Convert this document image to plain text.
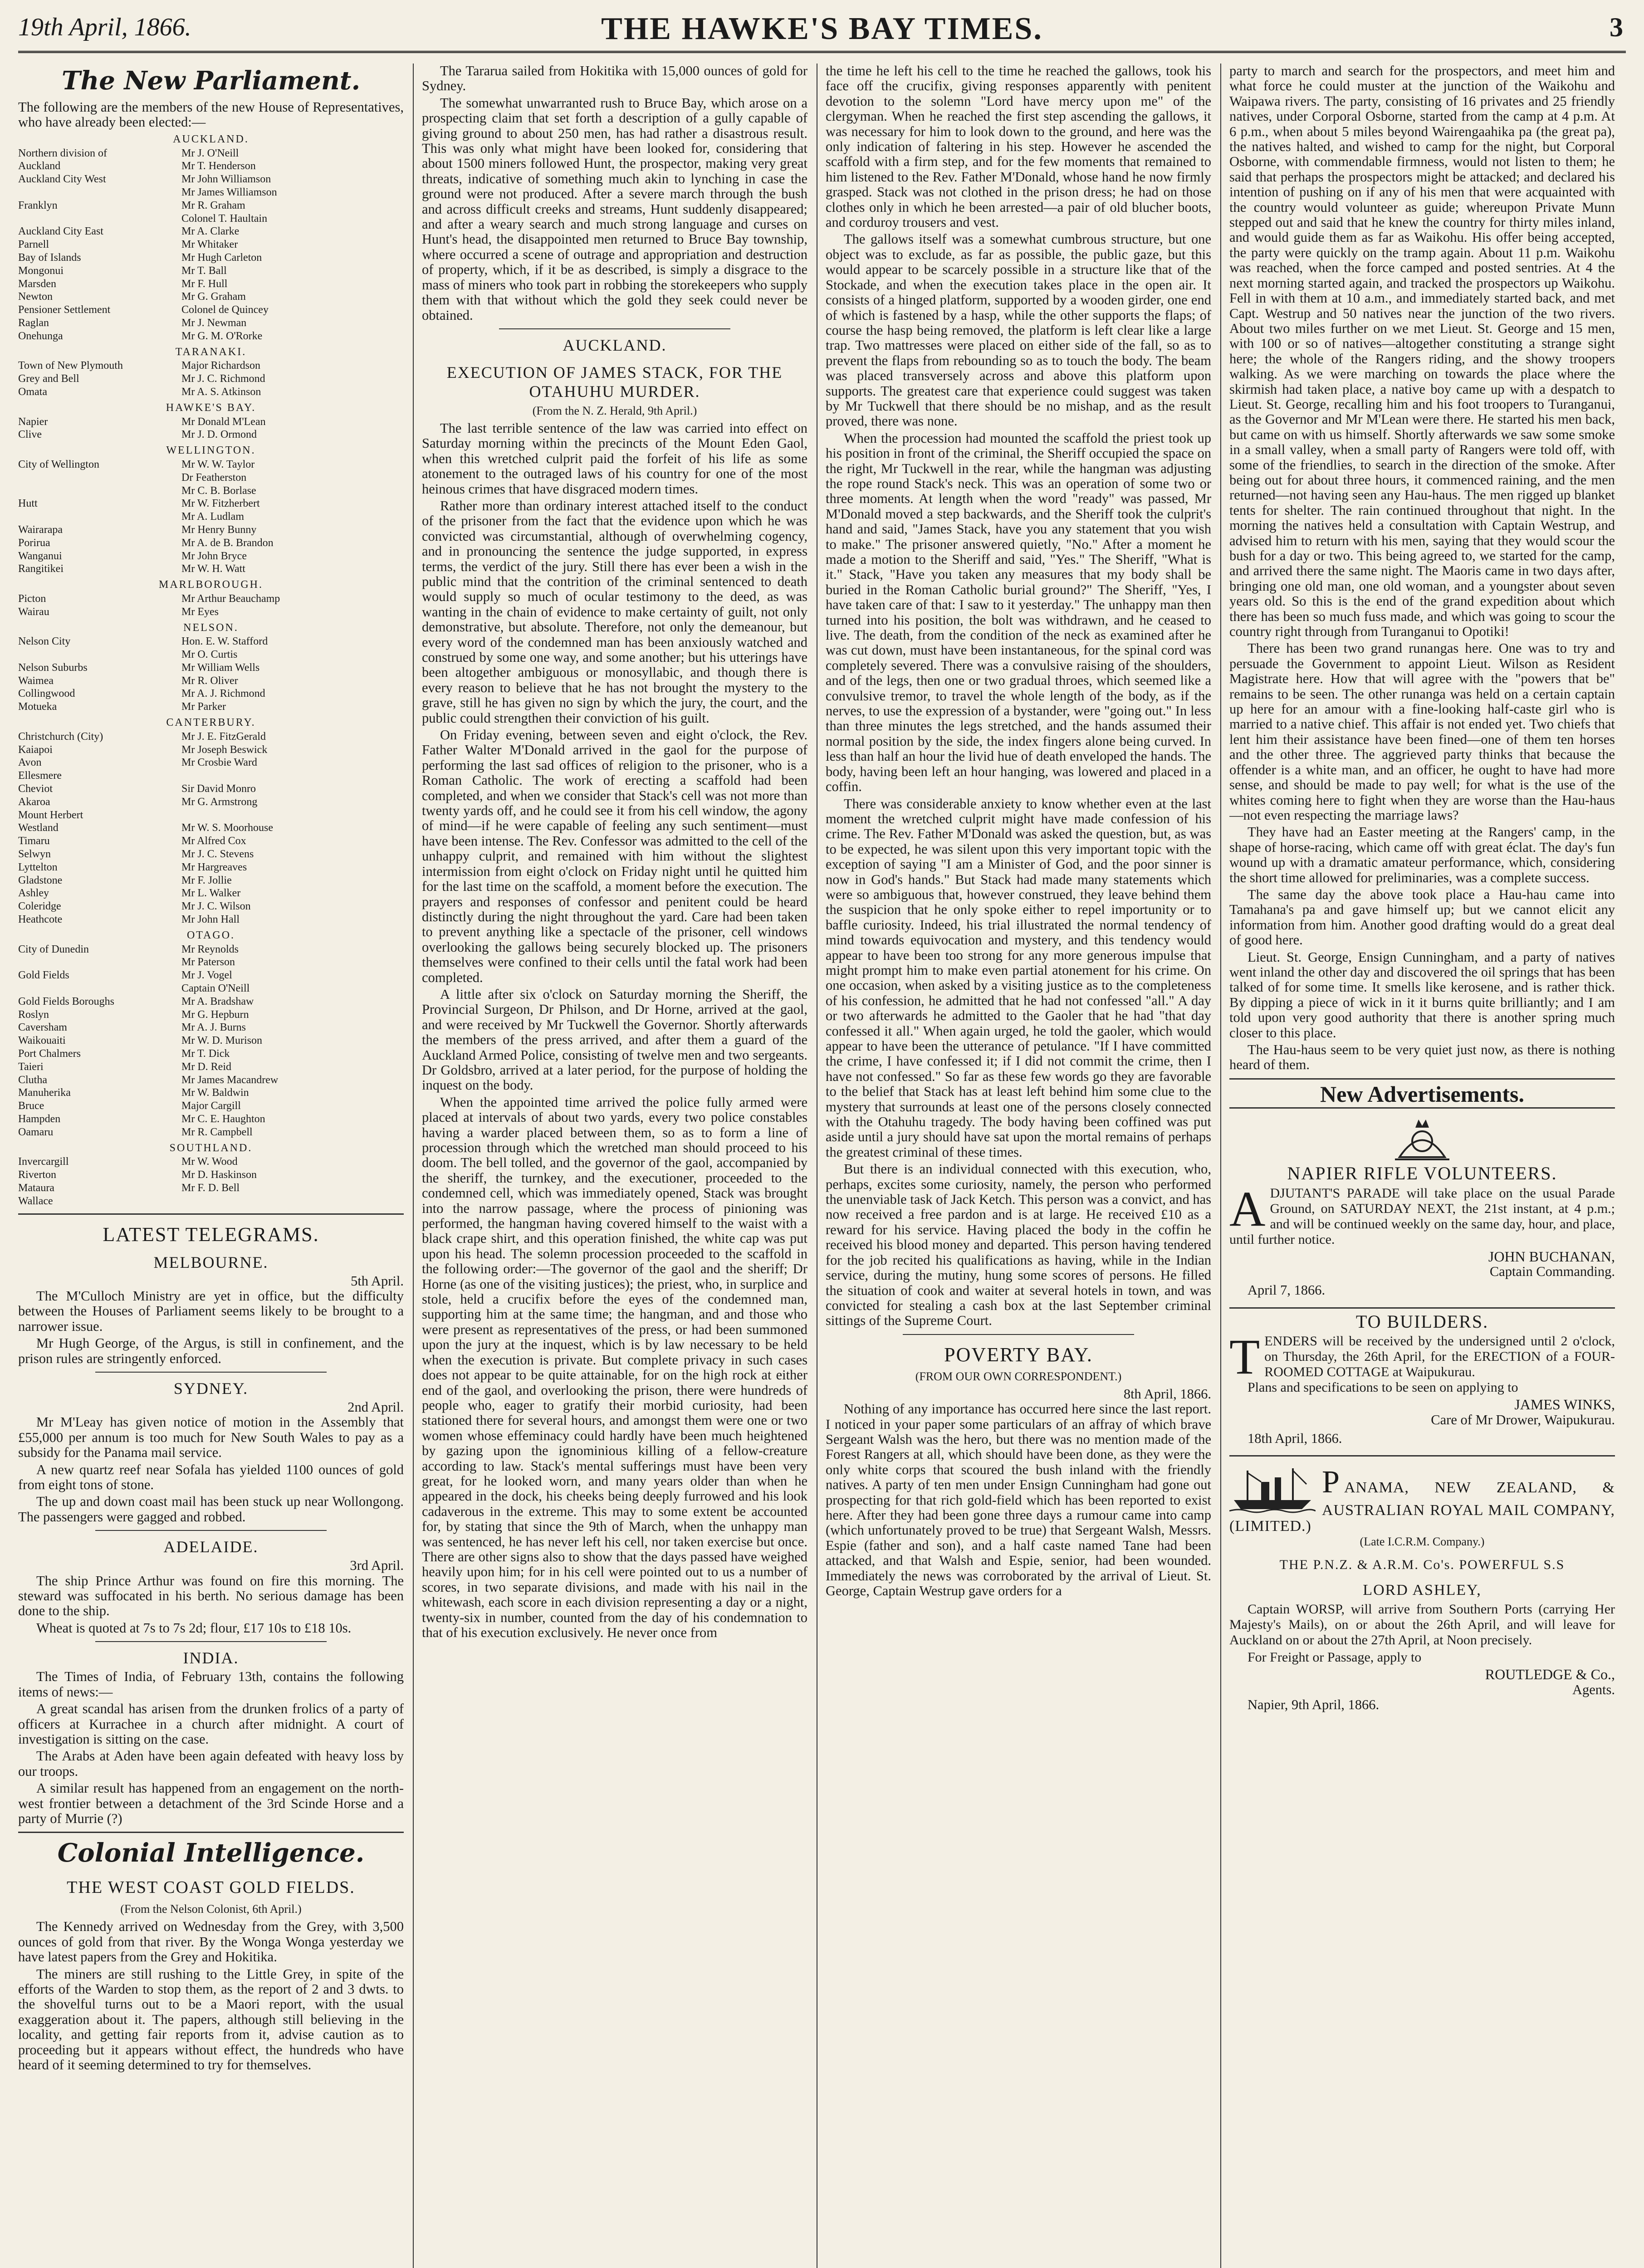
19th April, 1866.	THE HAWKE'S BAY TIMES.	3
The New Parliament.

The following are the members of the new House of Representatives, who have already been elected:—

AUCKLAND.
Northern division of	Mr J. O'Neill
Auckland	Mr T. Henderson
Auckland City West	Mr John Williamson
Mr James Williamson
Franklyn	Mr R. Graham
Colonel T. Haultain
Auckland City East	Mr A. Clarke
Parnell	Mr Whitaker
Bay of Islands	Mr Hugh Carleton
Mongonui	Mr T. Ball
Marsden	Mr F. Hull
Newton	Mr G. Graham
Pensioner Settlement	Colonel de Quincey
Raglan	Mr J. Newman
Onehunga	Mr G. M. O'Rorke
TARANAKI.
Town of New Plymouth	Major Richardson
Grey and Bell	Mr J. C. Richmond
Omata	Mr A. S. Atkinson
HAWKE'S BAY.
Napier	Mr Donald M'Lean
Clive	Mr J. D. Ormond
WELLINGTON.
City of Wellington	Mr W. W. Taylor
Dr Featherston
Mr C. B. Borlase
Hutt	Mr W. Fitzherbert
Mr A. Ludlam
Wairarapa	Mr Henry Bunny
Porirua	Mr A. de B. Brandon
Wanganui	Mr John Bryce
Rangitikei	Mr W. H. Watt
MARLBOROUGH.
Picton	Mr Arthur Beauchamp
Wairau	Mr Eyes
NELSON.
Nelson City	Hon. E. W. Stafford
Mr O. Curtis
Nelson Suburbs	Mr William Wells
Waimea	Mr R. Oliver
Collingwood	Mr A. J. Richmond
Motueka	Mr Parker
CANTERBURY.
Christchurch (City)	Mr J. E. FitzGerald
Kaiapoi	Mr Joseph Beswick
Avon	Mr Crosbie Ward
Ellesmere
Cheviot	Sir David Monro
Akaroa	Mr G. Armstrong
Mount Herbert
Westland	Mr W. S. Moorhouse
Timaru	Mr Alfred Cox
Selwyn	Mr J. C. Stevens
Lyttelton	Mr Hargreaves
Gladstone	Mr F. Jollie
Ashley	Mr L. Walker
Coleridge	Mr J. C. Wilson
Heathcote	Mr John Hall
OTAGO.
City of Dunedin	Mr Reynolds
Mr Paterson
Gold Fields	Mr J. Vogel
Captain O'Neill
Gold Fields Boroughs	Mr A. Bradshaw
Roslyn	Mr G. Hepburn
Caversham	Mr A. J. Burns
Waikouaiti	Mr W. D. Murison
Port Chalmers	Mr T. Dick
Taieri	Mr D. Reid
Clutha	Mr James Macandrew
Manuherika	Mr W. Baldwin
Bruce	Major Cargill
Hampden	Mr C. E. Haughton
Oamaru	Mr R. Campbell
SOUTHLAND.
Invercargill	Mr W. Wood
Riverton	Mr D. Haskinson
Mataura	Mr F. D. Bell
Wallace
LATEST TELEGRAMS.
MELBOURNE.

5th April.

The M'Culloch Ministry are yet in office, but the difficulty between the Houses of Parliament seems likely to be brought to a narrower issue.

Mr Hugh George, of the Argus, is still in confinement, and the prison rules are stringently enforced.

SYDNEY.

2nd April.

Mr M'Leay has given notice of motion in the Assembly that £55,000 per annum is too much for New South Wales to pay as a subsidy for the Panama mail service.

A new quartz reef near Sofala has yielded 1100 ounces of gold from eight tons of stone.

The up and down coast mail has been stuck up near Wollongong. The passengers were gagged and robbed.

ADELAIDE.

3rd April.

The ship Prince Arthur was found on fire this morning. The steward was suffocated in his berth. No serious damage has been done to the ship.

Wheat is quoted at 7s to 7s 2d; flour, £17 10s to £18 10s.

INDIA.

The Times of India, of February 13th, contains the following items of news:—

A great scandal has arisen from the drunken frolics of a party of officers at Kurrachee in a church after midnight. A court of investigation is sitting on the case.

The Arabs at Aden have been again defeated with heavy loss by our troops.

A similar result has happened from an engagement on the north-west frontier between a detachment of the 3rd Scinde Horse and a party of Murrie (?)

Colonial Intelligence.
THE WEST COAST GOLD FIELDS.
(From the Nelson Colonist, 6th April.)

The Kennedy arrived on Wednesday from the Grey, with 3,500 ounces of gold from that river. By the Wonga Wonga yesterday we have latest papers from the Grey and Hokitika.

The miners are still rushing to the Little Grey, in spite of the efforts of the Warden to stop them, as the report of 2 and 3 dwts. to the shovelful turns out to be a Maori report, with the usual exaggeration about it. The papers, although still believing in the locality, and getting fair reports from it, advise caution as to proceeding but it appears without effect, the hundreds who have heard of it seeming determined to try for themselves.

The Tararua sailed from Hokitika with 15,000 ounces of gold for Sydney.

The somewhat unwarranted rush to Bruce Bay, which arose on a prospecting claim that set forth a description of a gully capable of giving ground to about 250 men, has had rather a disastrous result. This was only what might have been looked for, considering that about 1500 miners followed Hunt, the prospector, making very great threats, indicative of something much akin to lynching in case the ground were not produced. After a severe march through the bush and across difficult creeks and streams, Hunt suddenly disappeared; and after a weary search and much strong language and curses on Hunt's head, the disappointed men returned to Bruce Bay township, where occurred a scene of outrage and appropriation and destruction of property, which, if it be as described, is simply a disgrace to the mass of miners who took part in robbing the storekeepers who supply them with that without which the gold they seek could never be obtained.

AUCKLAND.
EXECUTION OF JAMES STACK, FOR THE OTAHUHU MURDER.
(From the N. Z. Herald, 9th April.)

The last terrible sentence of the law was carried into effect on Saturday morning within the precincts of the Mount Eden Gaol, when this wretched culprit paid the forfeit of his life as some atonement to the outraged laws of his country for one of the most heinous crimes that have disgraced modern times.

Rather more than ordinary interest attached itself to the conduct of the prisoner from the fact that the evidence upon which he was convicted was circumstantial, although of overwhelming cogency, and in pronouncing the sentence the judge supported, in express terms, the verdict of the jury. Still there has ever been a wish in the public mind that the contrition of the criminal sentenced to death would supply so much of ocular testimony to the deed, as was wanting in the chain of evidence to make certainty of guilt, not only demonstrative, but absolute. Therefore, not only the demeanour, but every word of the condemned man has been anxiously watched and construed by some one way, and some another; but his utterings have been altogether ambiguous or monosyllabic, and though there is every reason to believe that he has not brought the mystery to the grave, still he has given no sign by which the jury, the court, and the public could strengthen their conviction of his guilt.

On Friday evening, between seven and eight o'clock, the Rev. Father Walter M'Donald arrived in the gaol for the purpose of performing the last sad offices of religion to the prisoner, who is a Roman Catholic. The work of erecting a scaffold had been completed, and when we consider that Stack's cell was not more than twenty yards off, and he could see it from his cell window, the agony of mind—if he were capable of feeling any such sentiment—must have been intense. The Rev. Confessor was admitted to the cell of the unhappy culprit, and remained with him without the slightest intermission from eight o'clock on Friday night until he quitted him for the last time on the scaffold, a moment before the execution. The prayers and responses of confessor and penitent could be heard distinctly during the night throughout the yard. Care had been taken to prevent anything like a spectacle of the prisoner, cell windows overlooking the gallows being securely blocked up. The prisoners themselves were confined to their cells until the fatal work had been completed.

A little after six o'clock on Saturday morning the Sheriff, the Provincial Surgeon, Dr Philson, and Dr Horne, arrived at the gaol, and were received by Mr Tuckwell the Governor. Shortly afterwards the members of the press arrived, and after them a guard of the Auckland Armed Police, consisting of twelve men and two sergeants. Dr Goldsbro, arrived at a later period, for the purpose of holding the inquest on the body.

When the appointed time arrived the police fully armed were placed at intervals of about two yards, every two police constables having a warder placed between them, so as to form a line of procession through which the wretched man should proceed to his doom. The bell tolled, and the governor of the gaol, accompanied by the sheriff, the turnkey, and the executioner, proceeded to the condemned cell, which was immediately opened, Stack was brought into the narrow passage, where the process of pinioning was performed, the hangman having covered himself to the waist with a black crape shirt, and this operation finished, the white cap was put upon his head. The solemn procession proceeded to the scaffold in the following order:—The governor of the gaol and the sheriff; Dr Horne (as one of the visiting justices); the priest, who, in surplice and stole, held a crucifix before the eyes of the condemned man, supporting him at the same time; the hangman, and and those who were present as representatives of the press, or had been summoned upon the jury at the inquest, which is by law necessary to be held when the execution is private. But complete privacy in such cases does not appear to be quite attainable, for on the high rock at either end of the gaol, and overlooking the prison, there were hundreds of people who, eager to gratify their morbid curiosity, had been stationed there for several hours, and amongst them were one or two women whose effeminacy could hardly have been much heightened by gazing upon the ignominious killing of a fellow-creature according to law. Stack's mental sufferings must have been very great, for he looked worn, and many years older than when he appeared in the dock, his cheeks being deeply furrowed and his look cadaverous in the extreme. This may to some extent be accounted for, by stating that since the 9th of March, when the unhappy man was sentenced, he has never left his cell, nor taken exercise but once. There are other signs also to show that the days passed have weighed heavily upon him; for in his cell were pointed out to us a number of scores, in two separate divisions, and made with his nail in the whitewash, each score in each division representing a day or a night, twenty-six in number, counted from the day of his condemnation to that of his execution exclusively. He never once from

the time he left his cell to the time he reached the gallows, took his face off the crucifix, giving responses apparently with penitent devotion to the solemn "Lord have mercy upon me" of the clergyman. When he reached the first step ascending the gallows, it was necessary for him to look down to the ground, and here was the only indication of faltering in his step. However he ascended the scaffold with a firm step, and for the few moments that remained to him listened to the Rev. Father M'Donald, whose hand he now firmly grasped. Stack was not clothed in the prison dress; he had on those clothes only in which he been arrested—a pair of old blucher boots, and corduroy trousers and vest.

The gallows itself was a somewhat cumbrous structure, but one object was to exclude, as far as possible, the public gaze, but this would appear to be scarcely possible in a structure like that of the Stockade, and when the execution takes place in the open air. It consists of a hinged platform, supported by a wooden girder, one end of which is fastened by a hasp, while the other supports the flaps; of course the hasp being removed, the platform is left clear like a large trap. Two mattresses were placed on either side of the fall, so as to prevent the flaps from rebounding so as to touch the body. The beam was placed transversely across and above this platform upon supports. The greatest care that experience could suggest was taken by Mr Tuckwell that there should be no mishap, and as the result proved, there was none.

When the procession had mounted the scaffold the priest took up his position in front of the criminal, the Sheriff occupied the space on the right, Mr Tuckwell in the rear, while the hangman was adjusting the rope round Stack's neck. This was an operation of some two or three moments. At length when the word "ready" was passed, Mr M'Donald moved a step backwards, and the Sheriff took the culprit's hand and said, "James Stack, have you any statement that you wish to make." The prisoner answered quietly, "No." After a moment he made a motion to the Sheriff and said, "Yes." The Sheriff, "What is it." Stack, "Have you taken any measures that my body shall be buried in the Roman Catholic burial ground?" The Sheriff, "Yes, I have taken care of that: I saw to it yesterday." The unhappy man then turned into his position, the bolt was withdrawn, and he ceased to live. The death, from the condition of the neck as examined after he was cut down, must have been instantaneous, for the spinal cord was completely severed. There was a convulsive raising of the shoulders, and of the legs, then one or two gradual throes, which seemed like a convulsive tremor, to travel the whole length of the body, as if the nerves, to use the expression of a bystander, were "going out." In less than three minutes the legs stretched, and the hands assumed their normal position by the side, the index fingers alone being curved. In less than half an hour the livid hue of death enveloped the hands. The body, having been left an hour hanging, was lowered and placed in a coffin.

There was considerable anxiety to know whether even at the last moment the wretched culprit might have made confession of his crime. The Rev. Father M'Donald was asked the question, but, as was to be expected, he was silent upon this very important topic with the exception of saying "I am a Minister of God, and the poor sinner is now in God's hands." But Stack had made many statements which were so ambiguous that, however construed, they leave behind them the suspicion that he only spoke either to repel importunity or to baffle curiosity. Indeed, his trial illustrated the normal tendency of mind towards equivocation and mystery, and this tendency would appear to have been too strong for any more generous impulse that might prompt him to make even partial atonement for his crime. On one occasion, when asked by a visiting justice as to the completeness of his confession, he admitted that he had not confessed "all." A day or two afterwards he admitted to the Gaoler that he had "that day confessed it all." When again urged, he told the gaoler, which would appear to have been the utterance of petulance. "If I have committed the crime, I have confessed it; if I did not commit the crime, then I have not confessed." So far as these few words go they are favorable to the belief that Stack has at least left behind him some clue to the mystery that surrounds at least one of the persons closely connected with the Otahuhu tragedy. The body having been coffined was put aside until a jury should have sat upon the mortal remains of perhaps the greatest criminal of these times.

But there is an individual connected with this execution, who, perhaps, excites some curiosity, namely, the person who performed the unenviable task of Jack Ketch. This person was a convict, and has now received a free pardon and is at large. He received £10 as a reward for his service. Having placed the body in the coffin he received his blood money and departed. This person having tendered for the job recited his qualifications as having, while in the Indian service, during the mutiny, hung some scores of persons. He filled the situation of cook and waiter at several hotels in town, and was convicted for stealing a cash box at the last September criminal sittings of the Supreme Court.

POVERTY BAY.
(FROM OUR OWN CORRESPONDENT.)

8th April, 1866.

Nothing of any importance has occurred here since the last report. I noticed in your paper some particulars of an affray of which brave Sergeant Walsh was the hero, but there was no mention made of the Forest Rangers at all, which should have been done, as they were the only white corps that scoured the bush inland with the friendly natives. A party of ten men under Ensign Cunningham had gone out prospecting for that rich gold-field which has been reported to exist here. After they had been gone three days a rumour came into camp (which unfortunately proved to be true) that Sergeant Walsh, Messrs. Espie (father and son), and a half caste named Tane had been attacked, and that Walsh and Espie, senior, had been wounded. Immediately the news was corroborated by the arrival of Lieut. St. George, Captain Westrup gave orders for a

party to march and search for the prospectors, and meet him and what force he could muster at the junction of the Waikohu and Waipawa rivers. The party, consisting of 16 privates and 25 friendly natives, under Corporal Osborne, started from the camp at 4 p.m. At 6 p.m., when about 5 miles beyond Wairengaahika pa (the great pa), the natives halted, and wished to camp for the night, but Corporal Osborne, with commendable firmness, would not listen to them; he said that perhaps the prospectors might be attacked; and declared his intention of pushing on if any of his men that were acquainted with the country would volunteer as guide; whereupon Private Munn stepped out and said that he knew the country for thirty miles inland, and would guide them as far as Waikohu. His offer being accepted, the party were quickly on the tramp again. About 11 p.m. Waikohu was reached, when the force camped and posted sentries. At 4 the next morning started again, and tracked the prospectors up Waikohu. Fell in with them at 10 a.m., and immediately started back, and met Capt. Westrup and 50 natives near the junction of the two rivers. About two miles further on we met Lieut. St. George and 15 men, with 100 or so of natives—altogether constituting a strange sight here; the whole of the Rangers riding, and the showy troopers walking. As we were marching on towards the place where the skirmish had taken place, a native boy came up with a despatch to Lieut. St. George, recalling him and his foot troopers to Turanganui, as the Governor and Mr M'Lean were there. He started his men back, but came on with us himself. Shortly afterwards we saw some smoke in a small valley, when a small party of Rangers were told off, with some of the friendlies, to search in the direction of the smoke. After being out for about three hours, it commenced raining, and the men returned—not having seen any Hau-haus. The men rigged up blanket tents for shelter. The rain continued throughout that night. In the morning the natives held a consultation with Captain Westrup, and advised him to return with his men, saying that they would scour the bush for a day or two. This being agreed to, we started for the camp, and arrived there the same night. The Maoris came in two days after, bringing one old man, one old woman, and a youngster about seven years old. So this is the end of the grand expedition about which there has been so much fuss made, and which was going to scour the country right through from Turanganui to Opotiki!

There has been two grand runangas here. One was to try and persuade the Government to appoint Lieut. Wilson as Resident Magistrate here. How that will agree with the "powers that be" remains to be seen. The other runanga was held on a certain captain up here for an amour with a fine-looking half-caste girl who is married to a native chief. This affair is not ended yet. Two chiefs that lent him their assistance have been fined—one of them ten horses and the other three. The aggrieved party thinks that because the offender is a white man, and an officer, he ought to have had more sense, and should be made to pay well; for what is the use of the whites coming here to fight when they are worse than the Hau-haus—not even respecting the marriage laws?

They have had an Easter meeting at the Rangers' camp, in the shape of horse-racing, which came off with great éclat. The day's fun wound up with a dramatic amateur performance, which, considering the short time allowed for preliminaries, was a complete success.

The same day the above took place a Hau-hau came into Tamahana's pa and gave himself up; but we cannot elicit any information from him. Another good drafting would do a great deal of good here.

Lieut. St. George, Ensign Cunningham, and a party of natives went inland the other day and discovered the oil springs that has been talked of for some time. It smells like kerosene, and is rather thick. By dipping a piece of wick in it it burns quite brilliantly; and I am told upon very good authority that there is another spring much closer to this place.

The Hau-haus seem to be very quiet just now, as there is nothing heard of them.

New Advertisements.
NAPIER RIFLE VOLUNTEERS.
ADJUTANT'S PARADE will take place on the usual Parade Ground, on SATURDAY NEXT, the 21st instant, at 4 p.m.; and will be continued weekly on the same day, hour, and place, until further notice.
JOHN BUCHANAN,
Captain Commanding.
April 7, 1866.
TO BUILDERS.
TENDERS will be received by the undersigned until 2 o'clock, on Thursday, the 26th April, for the ERECTION of a FOUR-ROOMED COTTAGE at Waipukurau.

Plans and specifications to be seen on applying to

JAMES WINKS,
Care of Mr Drower, Waipukurau.
18th April, 1866.
PANAMA, NEW ZEALAND, & AUSTRALIAN ROYAL MAIL COMPANY, (LIMITED.)
(Late I.C.R.M. Company.)
THE P.N.Z. & A.R.M. Co's. POWERFUL S.S
LORD ASHLEY,

Captain WORSP, will arrive from Southern Ports (carrying Her Majesty's Mails), on or about the 26th April, and will leave for Auckland on or about the 27th April, at Noon precisely.

For Freight or Passage, apply to

ROUTLEDGE & Co.,
Agents.
Napier, 9th April, 1866.
